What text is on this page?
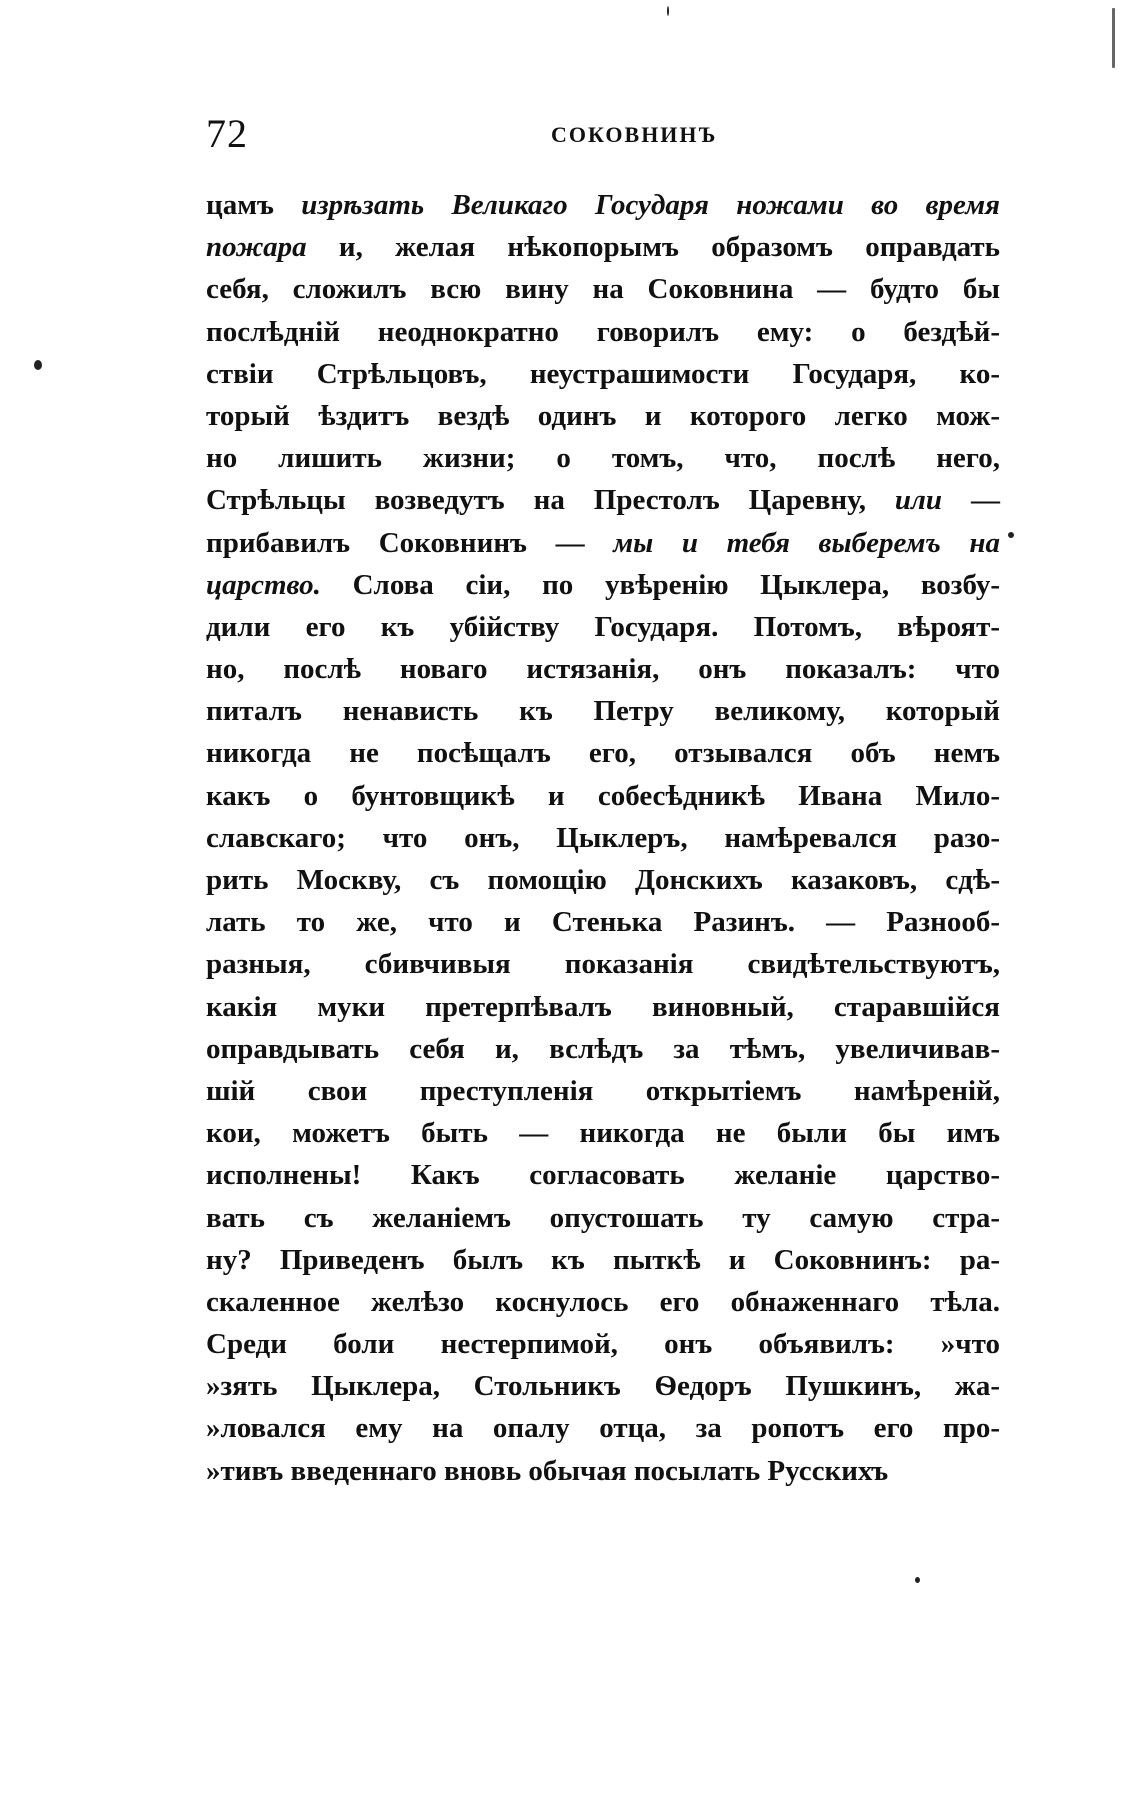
72	СОКОВНИНЪ
цамъ изрѣзать Великаго Государя ножами во время
пожара и, желая нѣкопорымъ образомъ оправдать
себя, сложилъ всю вину на Соковнина — будто бы
послѣдній неоднократно говорилъ ему: о бездѣй-
ствіи Стрѣльцовъ, неустрашимости Государя, ко-
торый ѣздитъ вездѣ одинъ и которого легко мож-
но лишить жизни; о томъ, что, послѣ него,
Стрѣльцы возведутъ на Престолъ Царевну, или —
прибавилъ Соковнинъ — мы и тебя выберемъ на
царство. Слова сіи, по увѣренію Цыклера, возбу-
дили его къ убійству Государя. Потомъ, вѣроят-
но, послѣ новаго истязанія, онъ показалъ: что
питалъ ненависть къ Петру великому, который
никогда не посѣщалъ его, отзывался объ немъ
какъ о бунтовщикѣ и собесѣдникѣ Ивана Мило-
славскаго; что онъ, Цыклеръ, намѣревался разо-
рить Москву, съ помощію Донскихъ казаковъ, сдѣ-
лать то же, что и Стенька Разинъ. — Разнооб-
разныя, сбивчивыя показанія свидѣтельствуютъ,
какія муки претерпѣвалъ виновный, старавшійся
оправдывать себя и, вслѣдъ за тѣмъ, увеличивав-
шій свои преступленія открытіемъ намѣреній,
кои, можетъ быть — никогда не были бы имъ
исполнены! Какъ согласовать желаніе царство-
вать съ желаніемъ опустошать ту самую стра-
ну? Приведенъ былъ къ пыткѣ и Соковнинъ: ра-
скаленное желѣзо коснулось его обнаженнаго тѣла.
Среди боли нестерпимой, онъ объявилъ: »что
»зять Цыклера, Стольникъ Ѳедоръ Пушкинъ, жа-
»ловался ему на опалу отца, за ропотъ его про-
»тивъ введеннаго вновь обычая посылать Русскихъ
